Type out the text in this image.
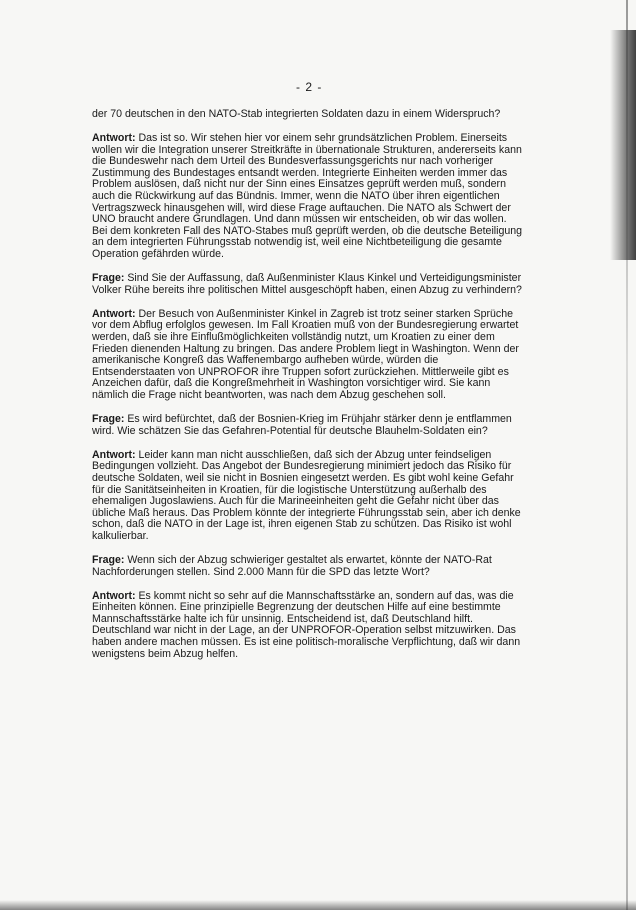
- 2 -

der 70 deutschen in den NATO-Stab integrierten Soldaten dazu in einem Widerspruch?

Antwort: Das ist so. Wir stehen hier vor einem sehr grundsätzlichen Problem. Einerseits wollen wir die Integration unserer Streitkräfte in übernationale Strukturen, andererseits kann die Bundeswehr nach dem Urteil des Bundesverfassungsgerichts nur nach vorheriger Zustimmung des Bundestages entsandt werden. Integrierte Einheiten werden immer das Problem auslösen, daß nicht nur der Sinn eines Einsatzes geprüft werden muß, sondern auch die Rückwirkung auf das Bündnis. Immer, wenn die NATO über ihren eigentlichen Vertragszweck hinausgehen will, wird diese Frage auftauchen. Die NATO als Schwert der UNO braucht andere Grundlagen. Und dann müssen wir entscheiden, ob wir das wollen. Bei dem konkreten Fall des NATO-Stabes muß geprüft werden, ob die deutsche Beteiligung an dem integrierten Führungsstab notwendig ist, weil eine Nichtbeteiligung die gesamte Operation gefährden würde.

Frage: Sind Sie der Auffassung, daß Außenminister Klaus Kinkel und Verteidigungsminister Volker Rühe bereits ihre politischen Mittel ausgeschöpft haben, einen Abzug zu verhindern?

Antwort: Der Besuch von Außenminister Kinkel in Zagreb ist trotz seiner starken Sprüche vor dem Abflug erfolglos gewesen. Im Fall Kroatien muß von der Bundesregierung erwartet werden, daß sie ihre Einflußmöglichkeiten vollständig nutzt, um Kroatien zu einer dem Frieden dienenden Haltung zu bringen. Das andere Problem liegt in Washington. Wenn der amerikanische Kongreß das Waffenembargo aufheben würde, würden die Entsenderstaaten von UNPROFOR ihre Truppen sofort zurückziehen. Mittlerweile gibt es Anzeichen dafür, daß die Kongreßmehrheit in Washington vorsichtiger wird. Sie kann nämlich die Frage nicht beantworten, was nach dem Abzug geschehen soll.

Frage: Es wird befürchtet, daß der Bosnien-Krieg im Frühjahr stärker denn je entflammen wird. Wie schätzen Sie das Gefahren-Potential für deutsche Blauhelm-Soldaten ein?

Antwort: Leider kann man nicht ausschließen, daß sich der Abzug unter feindseligen Bedingungen vollzieht. Das Angebot der Bundesregierung minimiert jedoch das Risiko für deutsche Soldaten, weil sie nicht in Bosnien eingesetzt werden. Es gibt wohl keine Gefahr für die Sanitätseinheiten in Kroatien, für die logistische Unterstützung außerhalb des ehemaligen Jugoslawiens. Auch für die Marineeinheiten geht die Gefahr nicht über das übliche Maß heraus. Das Problem könnte der integrierte Führungsstab sein, aber ich denke schon, daß die NATO in der Lage ist, ihren eigenen Stab zu schützen. Das Risiko ist wohl kalkulierbar.

Frage: Wenn sich der Abzug schwieriger gestaltet als erwartet, könnte der NATO-Rat Nachforderungen stellen. Sind 2.000 Mann für die SPD das letzte Wort?

Antwort: Es kommt nicht so sehr auf die Mannschaftsstärke an, sondern auf das, was die Einheiten können. Eine prinzipielle Begrenzung der deutschen Hilfe auf eine bestimmte Mannschaftsstärke halte ich für unsinnig. Entscheidend ist, daß Deutschland hilft. Deutschland war nicht in der Lage, an der UNPROFOR-Operation selbst mitzuwirken. Das haben andere machen müssen. Es ist eine politisch-moralische Verpflichtung, daß wir dann wenigstens beim Abzug helfen.
